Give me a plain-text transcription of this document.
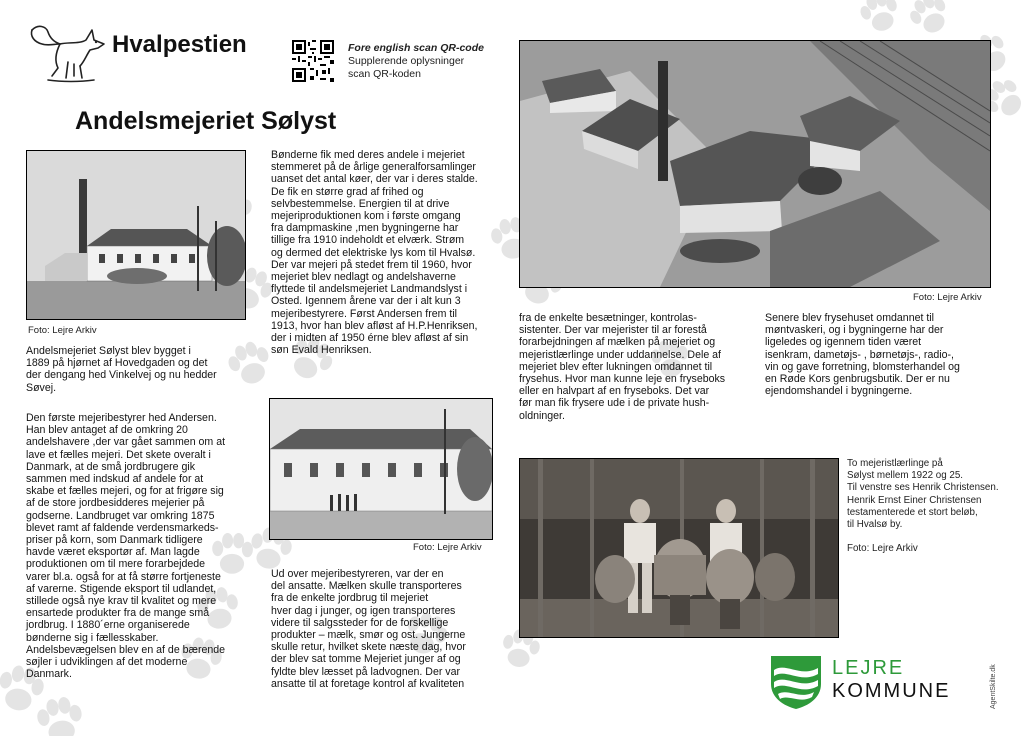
Hvalpestien	Fore english scan QR-code
Supplerende oplysninger
scan QR-koden
Andelsmejeriet Sølyst
Foto: Lejre Arkiv
Andelsmejeriet Sølyst blev bygget i
1889 på hjørnet af Hovedgaden og det
der dengang hed Vinkelvej og nu hedder
Søvej.
Den første mejeribestyrer hed Andersen.
Han blev antaget af de omkring 20
andelshavere ,der var gået sammen om at
lave et fælles mejeri. Det skete overalt i
Danmark, at de små jordbrugere gik
sammen med indskud af andele for at
skabe et fælles mejeri, og for at frigøre sig
af de store jordbesidderes mejerier på
godserne. Landbruget var omkring 1875
blevet ramt af faldende verdensmarkeds-
priser på korn, som Danmark tidligere
havde været eksportør af. Man lagde
produktionen om til mere forarbejdede
varer bl.a. også for at få større fortjeneste
af varerne. Stigende eksport til udlandet,
stillede også nye krav til kvalitet og mere
ensartede produkter fra de mange små
jordbrug. I 1880´erne organiserede
bønderne sig i fællesskaber.
Andelsbevægelsen blev en af de bærende
søjler i udviklingen af det moderne
Danmark.
Bønderne fik med deres andele i mejeriet
stemmeret på de årlige generalforsamlinger
uanset det antal køer, der var i deres stalde.
De fik en større grad af frihed og
selvbestemmelse. Energien til at drive
mejeriproduktionen kom i første omgang
fra dampmaskine ,men bygningerne har
tillige fra 1910 indeholdt et elværk. Strøm
og dermed det elektriske lys kom til Hvalsø.
Der var mejeri på stedet frem til 1960, hvor
mejeriet blev nedlagt og andelshaverne
flyttede til andelsmejeriet Landmandslyst i
Osted. Igennem årene var der i alt kun 3
mejeribestyrere. Først Andersen frem til
1913, hvor han blev afløst af H.P.Henriksen,
der i midten af 1950 érne blev afløst af sin
søn Evald Henriksen.
Foto: Lejre Arkiv
Ud over mejeribestyreren, var der en
del ansatte. Mælken skulle transporteres
fra de enkelte jordbrug til mejeriet
hver dag i junger, og igen transporteres
videre til salgssteder for de forskellige
produkter – mælk, smør og ost. Jungerne
skulle retur, hvilket skete næste dag, hvor
der blev sat tomme Mejeriet junger af og
fyldte blev læsset på ladvognen. Der var
ansatte til at foretage kontrol af kvaliteten
Foto: Lejre Arkiv
fra de enkelte besætninger, kontrolas-
sistenter. Der var mejerister til ar forestå
forarbejdningen af mælken på mejeriet og
mejeristlærlinge under uddannelse. Dele af
mejeriet blev efter lukningen omdannet til
frysehus. Hvor man kunne leje en fryseboks
eller en halvpart af en fryseboks. Det var
før man fik frysere ude i de private hush-
oldninger.
Senere blev frysehuset omdannet til
møntvaskeri, og i bygningerne har der
ligeledes og igennem tiden været
isenkram, dametøjs- , børnetøjs-, radio-,
vin og gave forretning, blomsterhandel og
en Røde Kors genbrugsbutik. Der er nu
ejendomshandel i bygningerne.
To mejeristlærlinge på
Sølyst mellem 1922 og 25.
Til venstre ses Henrik Christensen.
Henrik Ernst Einer Christensen
testamenterede et stort beløb,
til Hvalsø by.

Foto: Lejre Arkiv
LEJRE
KOMMUNE	AgentSkilte.dk
